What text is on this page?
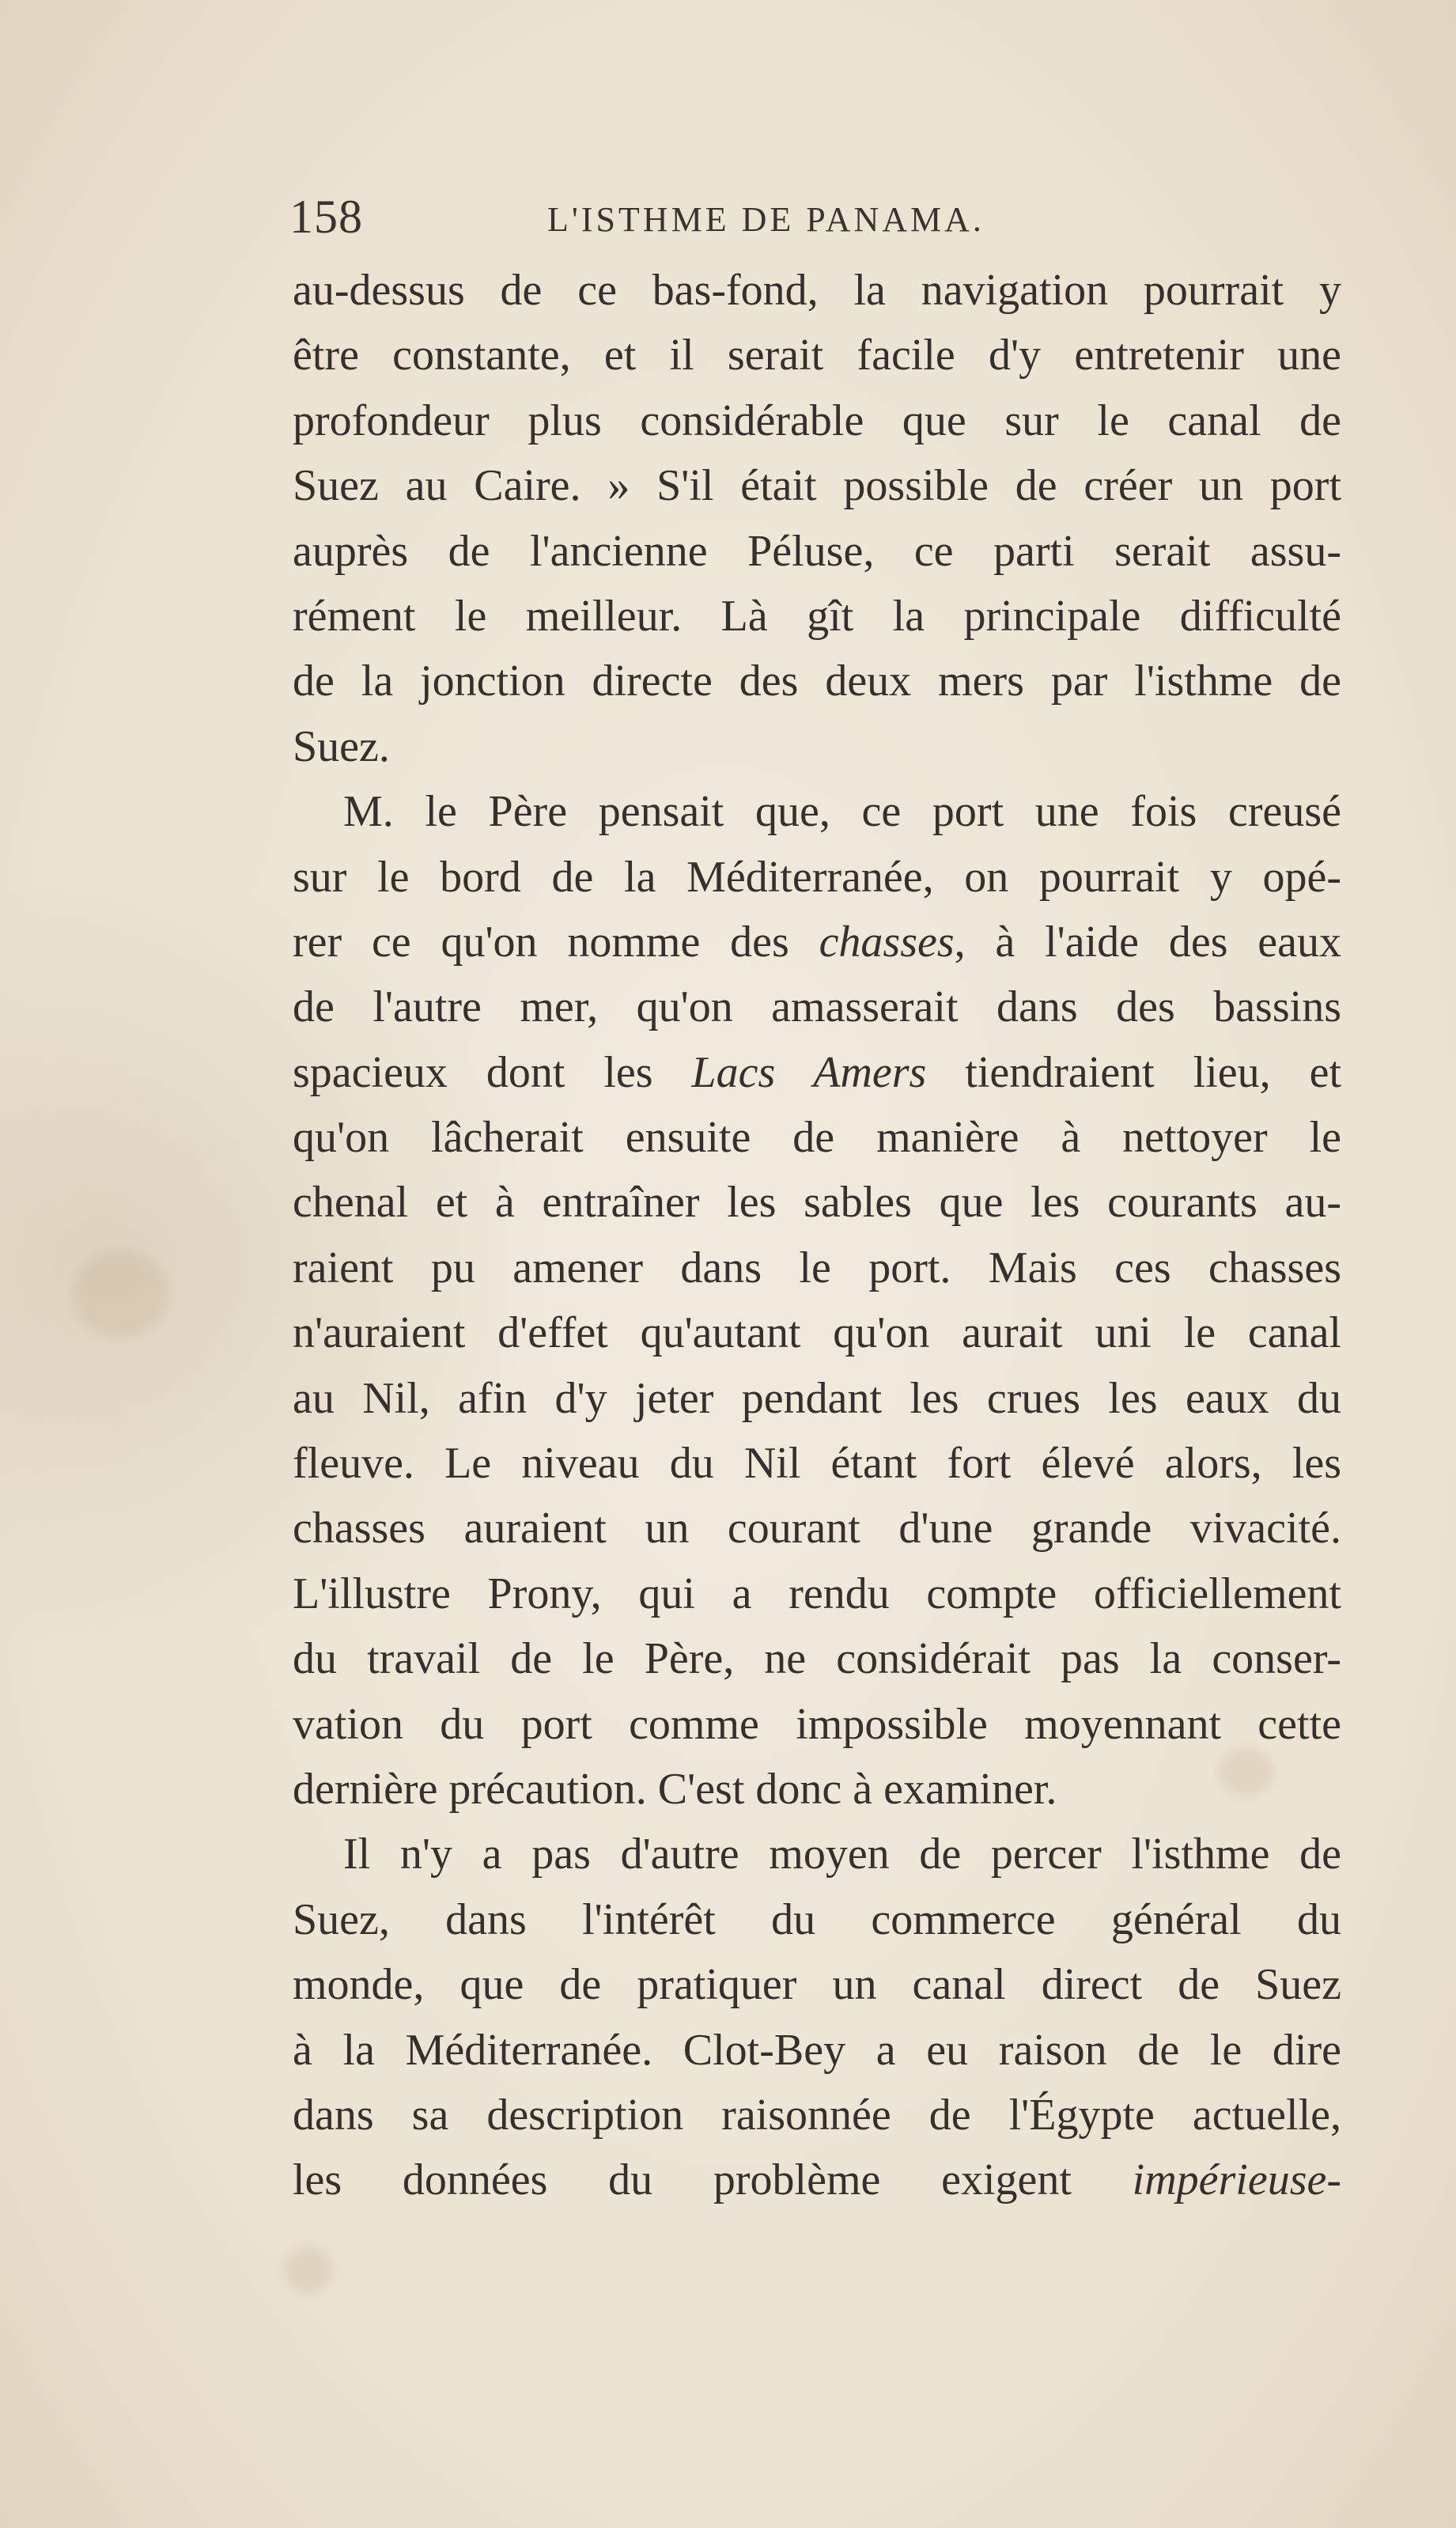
158	L'ISTHME DE PANAMA.
au-dessus de ce bas-fond, la navigation pourrait y
être constante, et il serait facile d'y entretenir une
profondeur plus considérable que sur le canal de
Suez au Caire. » S'il était possible de créer un port
auprès de l'ancienne Péluse, ce parti serait assu-
rément le meilleur. Là gît la principale difficulté
de la jonction directe des deux mers par l'isthme de
Suez.
M. le Père pensait que, ce port une fois creusé
sur le bord de la Méditerranée, on pourrait y opé-
rer ce qu'on nomme des chasses, à l'aide des eaux
de l'autre mer, qu'on amasserait dans des bassins
spacieux dont les Lacs Amers tiendraient lieu, et
qu'on lâcherait ensuite de manière à nettoyer le
chenal et à entraîner les sables que les courants au-
raient pu amener dans le port. Mais ces chasses
n'auraient d'effet qu'autant qu'on aurait uni le canal
au Nil, afin d'y jeter pendant les crues les eaux du
fleuve. Le niveau du Nil étant fort élevé alors, les
chasses auraient un courant d'une grande vivacité.
L'illustre Prony, qui a rendu compte officiellement
du travail de le Père, ne considérait pas la conser-
vation du port comme impossible moyennant cette
dernière précaution. C'est donc à examiner.
Il n'y a pas d'autre moyen de percer l'isthme de
Suez, dans l'intérêt du commerce général du
monde, que de pratiquer un canal direct de Suez
à la Méditerranée. Clot-Bey a eu raison de le dire
dans sa description raisonnée de l'Égypte actuelle,
les données du problème exigent impérieuse-
